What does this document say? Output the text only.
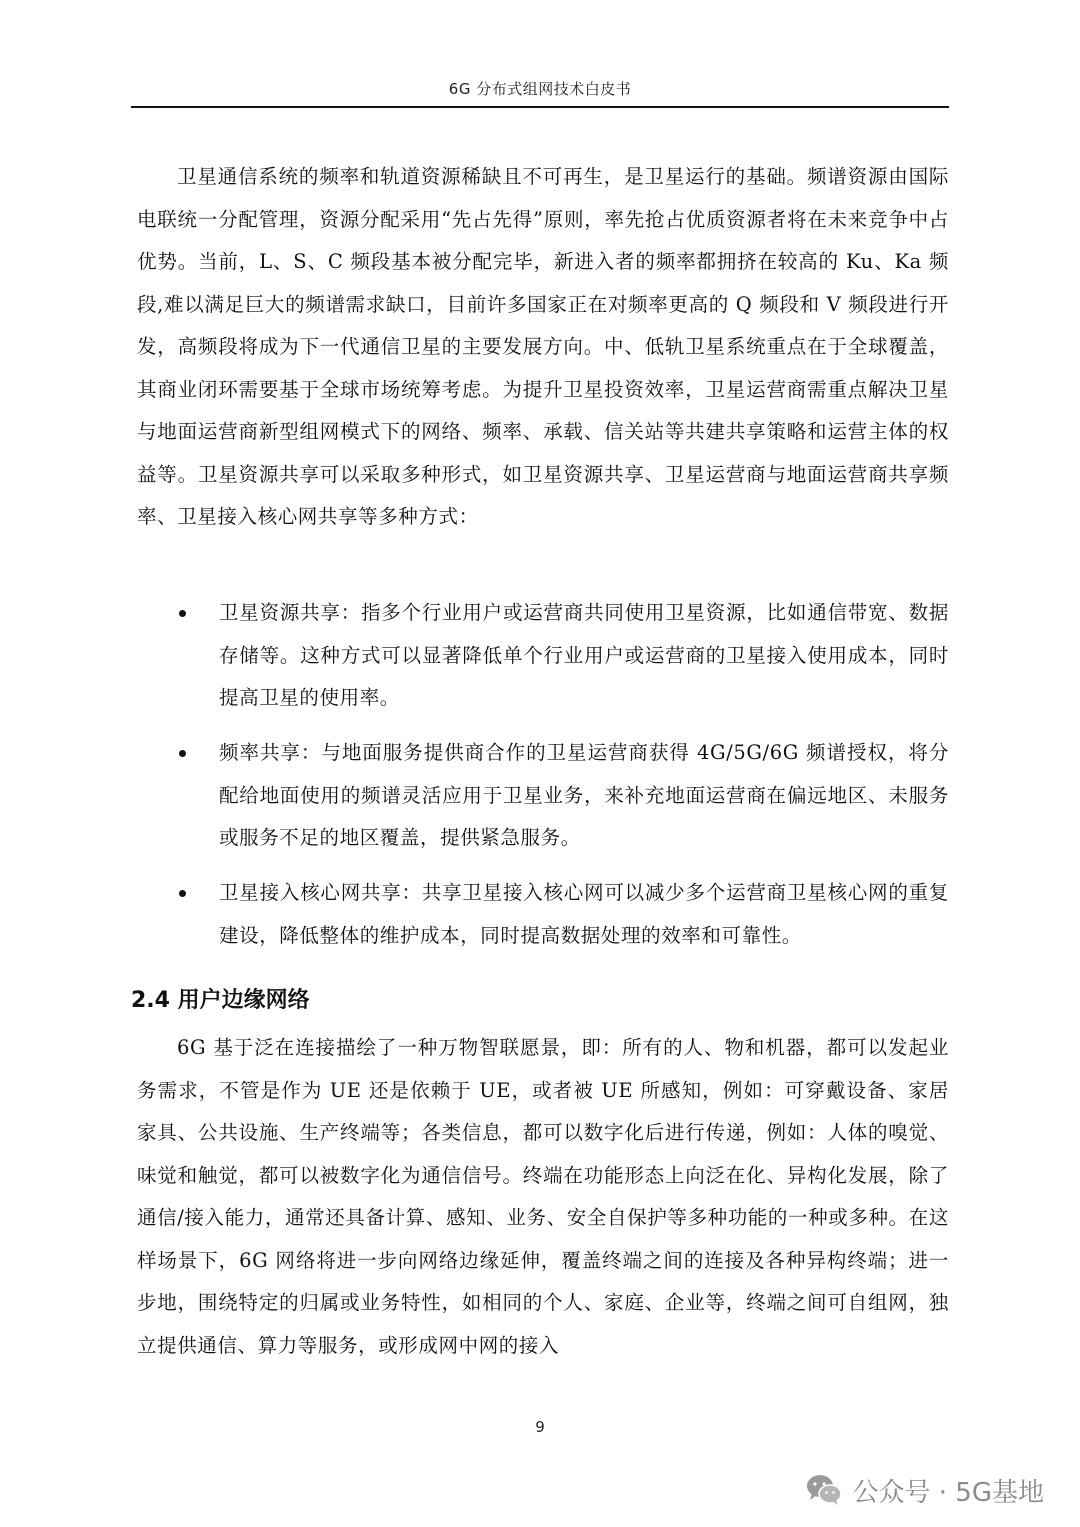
6G 分布式组网技术白皮书

卫星通信系统的频率和轨道资源稀缺且不可再生，是卫星运行的基础。频谱资源由国际电联统一分配管理，资源分配采用“先占先得”原则，率先抢占优质资源者将在未来竞争中占优势。当前，L、S、C 频段基本被分配完毕，新进入者的频率都拥挤在较高的 Ku、Ka 频段,难以满足巨大的频谱需求缺口，目前许多国家正在对频率更高的 Q 频段和 V 频段进行开发，高频段将成为下一代通信卫星的主要发展方向。中、低轨卫星系统重点在于全球覆盖，其商业闭环需要基于全球市场统筹考虑。为提升卫星投资效率，卫星运营商需重点解决卫星与地面运营商新型组网模式下的网络、频率、承载、信关站等共建共享策略和运营主体的权益等。卫星资源共享可以采取多种形式，如卫星资源共享、卫星运营商与地面运营商共享频率、卫星接入核心网共享等多种方式：

卫星资源共享：指多个行业用户或运营商共同使用卫星资源，比如通信带宽、数据存储等。这种方式可以显著降低单个行业用户或运营商的卫星接入使用成本，同时提高卫星的使用率。
频率共享：与地面服务提供商合作的卫星运营商获得 4G/5G/6G 频谱授权，将分配给地面使用的频谱灵活应用于卫星业务，来补充地面运营商在偏远地区、未服务或服务不足的地区覆盖，提供紧急服务。
卫星接入核心网共享：共享卫星接入核心网可以减少多个运营商卫星核心网的重复建设，降低整体的维护成本，同时提高数据处理的效率和可靠性。
2.4 用户边缘网络

6G 基于泛在连接描绘了一种万物智联愿景，即：所有的人、物和机器，都可以发起业务需求，不管是作为 UE 还是依赖于 UE，或者被 UE 所感知，例如：可穿戴设备、家居家具、公共设施、生产终端等；各类信息，都可以数字化后进行传递，例如：人体的嗅觉、味觉和触觉，都可以被数字化为通信信号。终端在功能形态上向泛在化、异构化发展，除了通信/接入能力，通常还具备计算、感知、业务、安全自保护等多种功能的一种或多种。在这样场景下，6G 网络将进一步向网络边缘延伸，覆盖终端之间的连接及各种异构终端；进一步地，围绕特定的归属或业务特性，如相同的个人、家庭、企业等，终端之间可自组网，独立提供通信、算力等服务，或形成网中网的接入

9
公众号 · 5G基地
